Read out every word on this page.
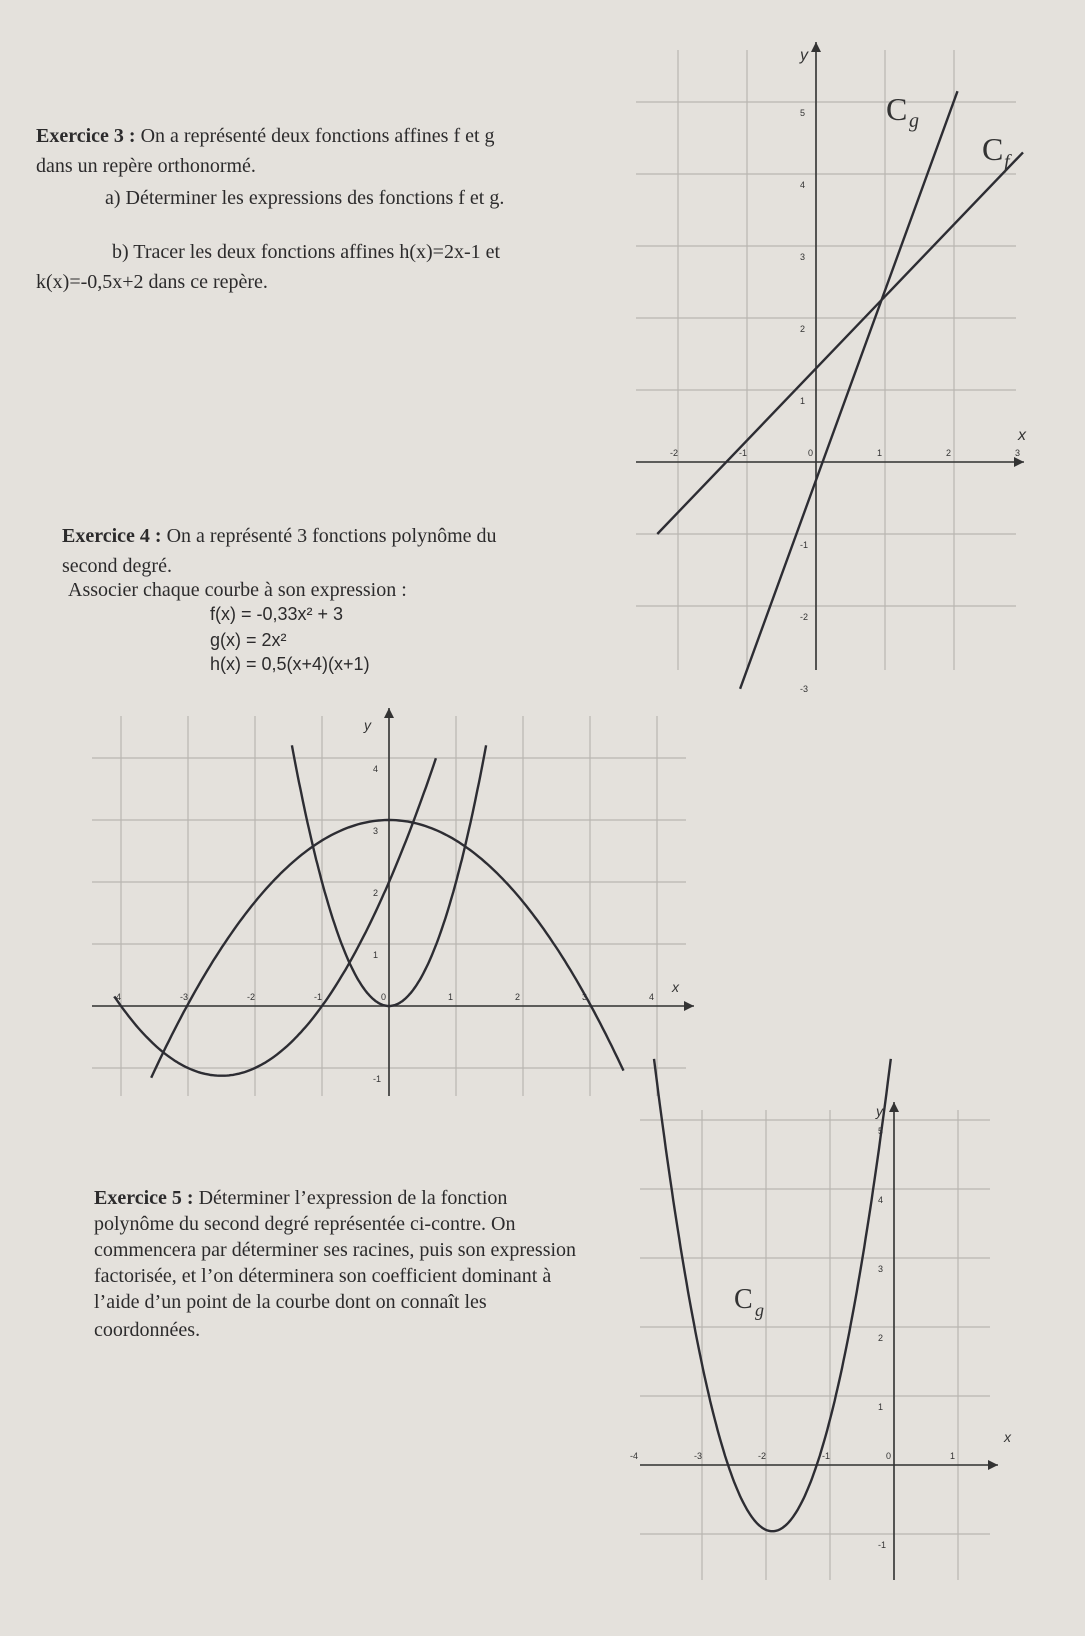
Exercice 3 : On a représenté deux fonctions affines f et g
dans un repère orthonormé.
a) Déterminer les expressions des fonctions f et g.
b) Tracer les deux fonctions affines h(x)=2x-1 et
k(x)=-0,5x+2 dans ce repère.
Exercice 4 : On a représenté 3 fonctions polynôme du
second degré.
Associer chaque courbe à son expression :
f(x) = -0,33x² + 3
g(x) = 2x²
h(x) = 0,5(x+4)(x+1)
Exercice 5 : Déterminer l’expression de la fonction
polynôme du second degré représentée ci-contre. On
commencera par déterminer ses racines, puis son expression
factorisée, et l’on déterminera son coefficient dominant à
l’aide d’un point de la courbe dont on connaît les
coordonnées.
-2	-1	0	1	2	3
5
4
3
2
1
-1
-2
-3
x
y
C g
C f
-4	-3	-2	-1	0	1	2	3	4
4
3
2
1
-1
x
y
-4	-3	-2	-1	0	1
5
4
3
2
1
-1
x
y
C g
